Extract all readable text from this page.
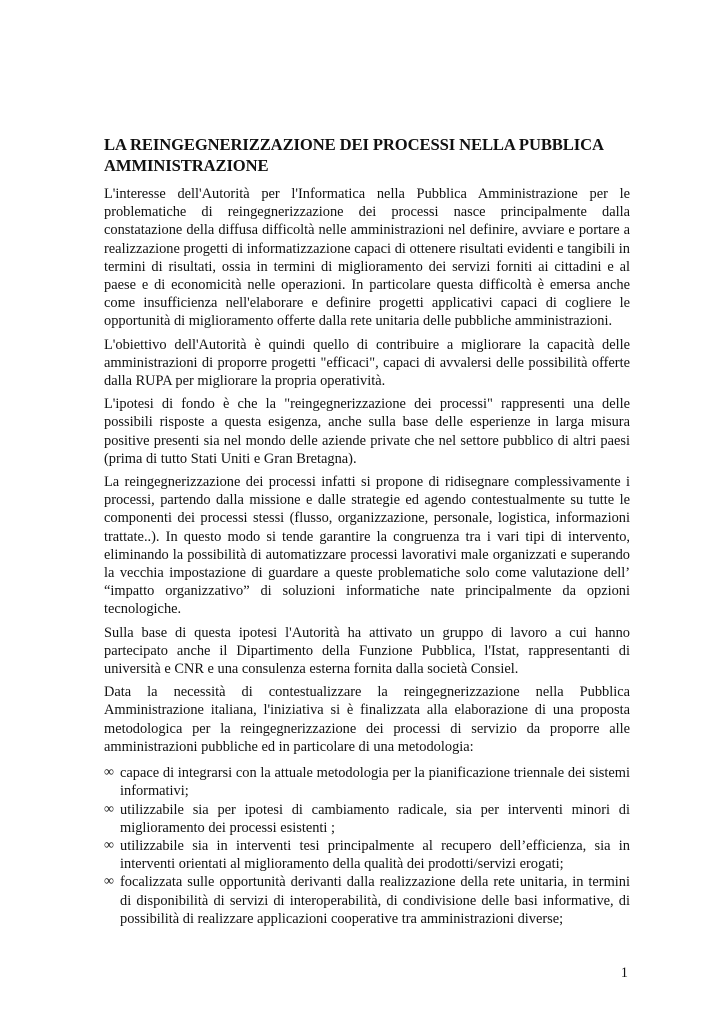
LA REINGEGNERIZZAZIONE DEI PROCESSI NELLA PUBBLICA AMMINISTRAZIONE

L'interesse dell'Autorità per l'Informatica nella Pubblica Amministrazione per le problematiche di reingegnerizzazione dei processi nasce principalmente dalla constatazione della diffusa difficoltà nelle amministrazioni nel definire, avviare e portare a realizzazione progetti di informatizzazione capaci di ottenere risultati evidenti e tangibili in termini di risultati, ossia in termini di miglioramento dei servizi forniti ai cittadini e al paese e di economicità nelle operazioni. In particolare questa difficoltà è emersa anche come insufficienza nell'elaborare e definire progetti applicativi capaci di cogliere le opportunità di miglioramento offerte dalla rete unitaria delle pubbliche amministrazioni.

L'obiettivo dell'Autorità è quindi quello di contribuire a migliorare la capacità delle amministrazioni di proporre progetti "efficaci", capaci di avvalersi delle possibilità offerte dalla RUPA per migliorare la propria operatività.

L'ipotesi di fondo è che la "reingegnerizzazione dei processi" rappresenti una delle possibili risposte a questa esigenza, anche sulla base delle esperienze in larga misura positive presenti sia nel mondo delle aziende private che nel settore pubblico di altri paesi (prima di tutto Stati Uniti e Gran Bretagna).

La reingegnerizzazione dei processi infatti si propone di ridisegnare complessivamente i processi, partendo dalla missione e dalle strategie ed agendo contestualmente su tutte le componenti dei processi stessi (flusso, organizzazione, personale, logistica, informazioni trattate..). In questo modo si tende garantire la congruenza tra i vari tipi di intervento, eliminando la possibilità di automatizzare processi lavorativi male organizzati e superando la vecchia impostazione di guardare a queste problematiche solo come valutazione dell’ “impatto organizzativo” di soluzioni informatiche nate principalmente da opzioni tecnologiche.

Sulla base di questa ipotesi l'Autorità ha attivato un gruppo di lavoro a cui hanno partecipato anche il Dipartimento della Funzione Pubblica, l'Istat, rappresentanti di università e CNR e una consulenza esterna fornita dalla società Consiel.

Data la necessità di contestualizzare la reingegnerizzazione nella Pubblica Amministrazione italiana, l'iniziativa si è finalizzata alla elaborazione di una proposta metodologica per la reingegnerizzazione dei processi di servizio da proporre alle amministrazioni pubbliche ed in particolare di una metodologia:

∞ capace di integrarsi con la attuale metodologia per la pianificazione triennale dei sistemi informativi;
∞ utilizzabile sia per ipotesi di cambiamento radicale, sia per interventi minori di miglioramento dei processi esistenti ;
∞ utilizzabile sia in interventi tesi principalmente al recupero dell’efficienza, sia in interventi orientati al miglioramento della qualità dei prodotti/servizi erogati;
∞ focalizzata sulle opportunità derivanti dalla realizzazione della rete unitaria, in termini di disponibilità di servizi di interoperabilità, di condivisione delle basi informative, di possibilità di realizzare applicazioni cooperative tra amministrazioni diverse;
1
